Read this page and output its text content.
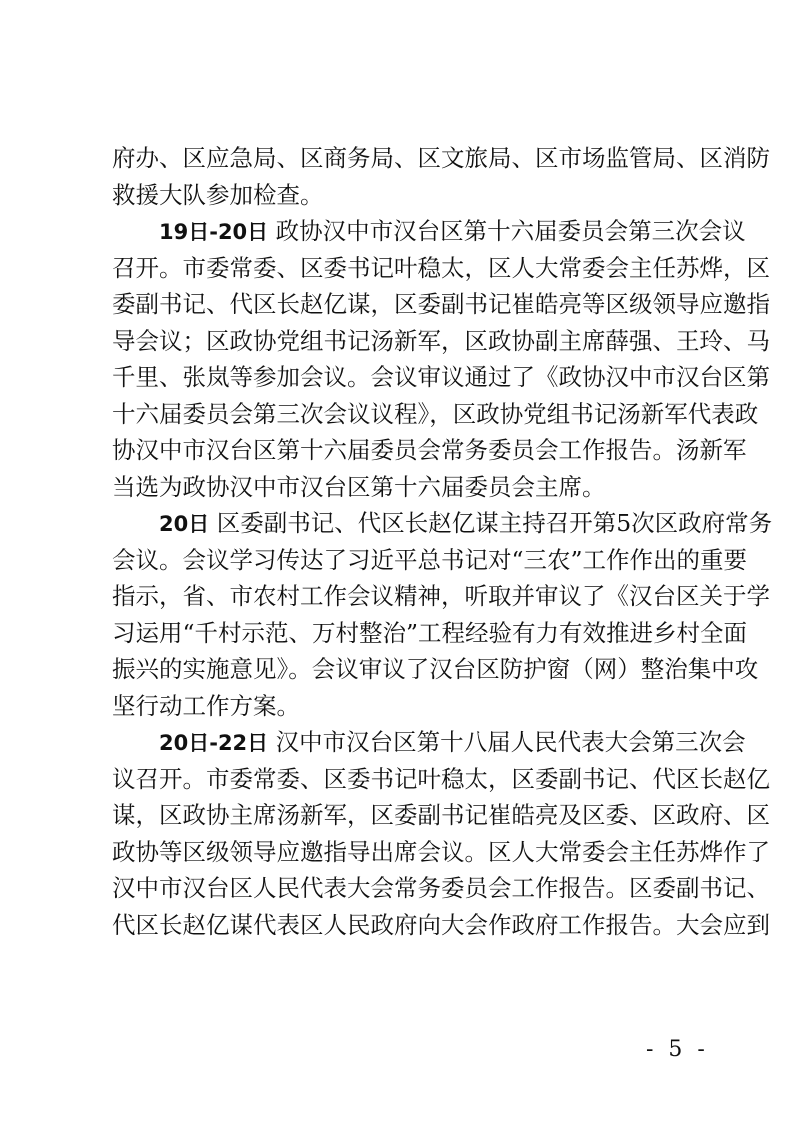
府办、区应急局、区商务局、区文旅局、区市场监管局、区消防
救援大队参加检查。
19日-20日 政协汉中市汉台区第十六届委员会第三次会议
召开。市委常委、区委书记叶稳太，区人大常委会主任苏烨，区
委副书记、代区长赵亿谋，区委副书记崔皓亮等区级领导应邀指
导会议；区政协党组书记汤新军，区政协副主席薛强、王玲、马
千里、张岚等参加会议。会议审议通过了《政协汉中市汉台区第
十六届委员会第三次会议议程》，区政协党组书记汤新军代表政
协汉中市汉台区第十六届委员会常务委员会工作报告。汤新军
当选为政协汉中市汉台区第十六届委员会主席。
20日 区委副书记、代区长赵亿谋主持召开第5次区政府常务
会议。会议学习传达了习近平总书记对“三农”工作作出的重要
指示，省、市农村工作会议精神，听取并审议了《汉台区关于学
习运用“千村示范、万村整治”工程经验有力有效推进乡村全面
振兴的实施意见》。会议审议了汉台区防护窗（网）整治集中攻
坚行动工作方案。
20日-22日 汉中市汉台区第十八届人民代表大会第三次会
议召开。市委常委、区委书记叶稳太，区委副书记、代区长赵亿
谋，区政协主席汤新军，区委副书记崔皓亮及区委、区政府、区
政协等区级领导应邀指导出席会议。区人大常委会主任苏烨作了
汉中市汉台区人民代表大会常务委员会工作报告。区委副书记、
代区长赵亿谋代表区人民政府向大会作政府工作报告。大会应到
- 5 -
